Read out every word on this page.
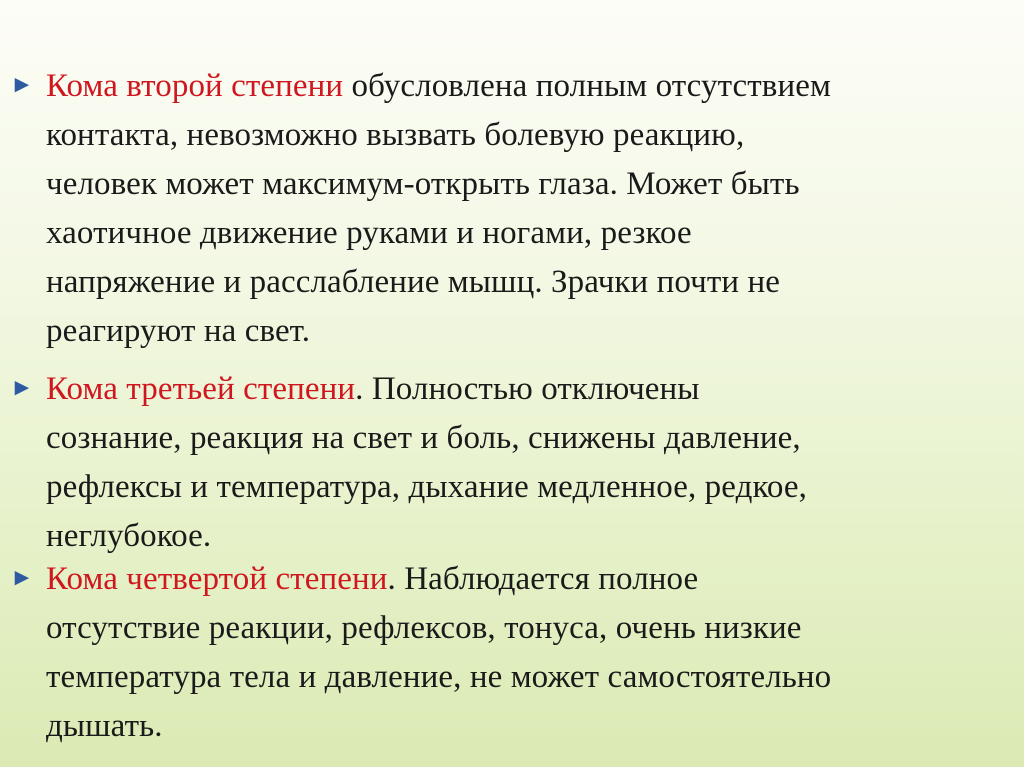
► Кома второй степени обусловлена полным отсутствием
контакта, невозможно вызвать болевую реакцию,
человек может максимум-открыть глаза. Может быть
хаотичное движение руками и ногами, резкое
напряжение и расслабление мышц. Зрачки почти не
реагируют на свет.
► Кома третьей степени. Полностью отключены
сознание, реакция на свет и боль, снижены давление,
рефлексы и температура, дыхание медленное, редкое,
неглубокое.
► Кома четвертой степени. Наблюдается полное
отсутствие реакции, рефлексов, тонуса, очень низкие
температура тела и давление, не может самостоятельно
дышать.
